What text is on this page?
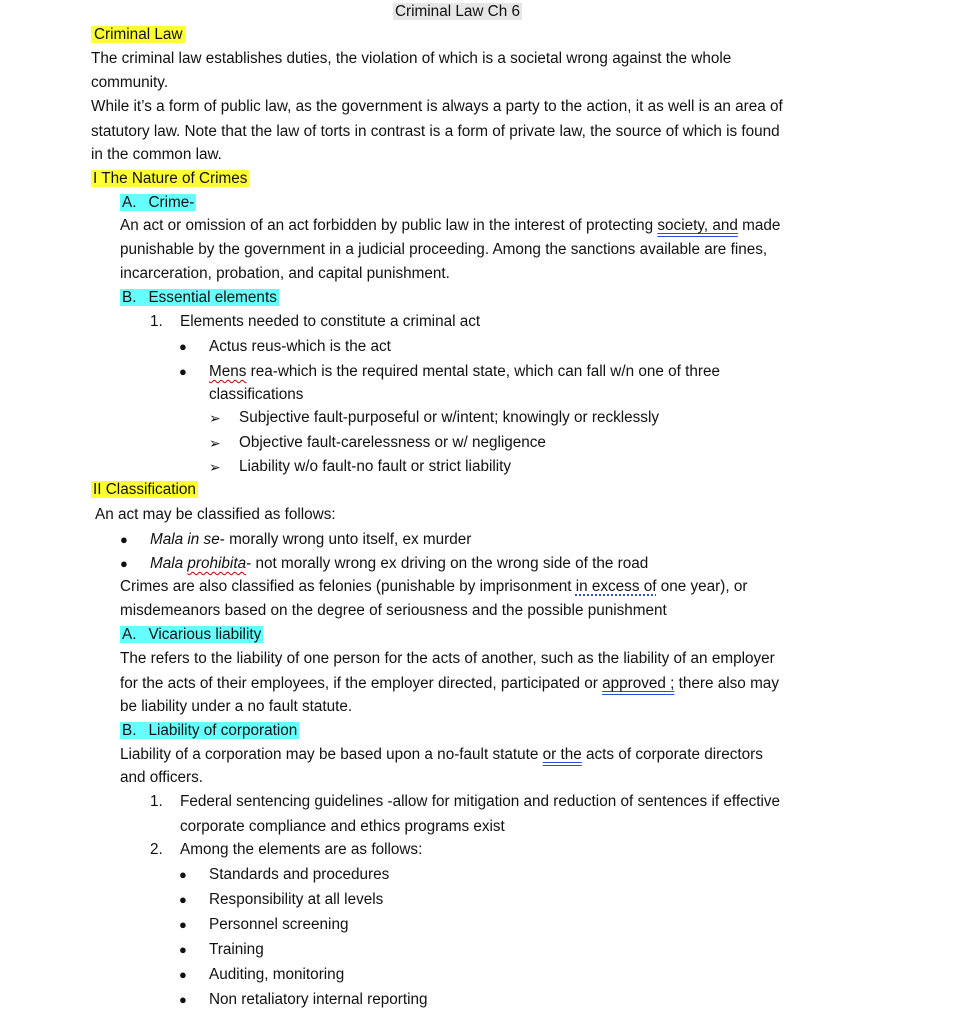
Criminal Law Ch 6
Criminal Law
The criminal law establishes duties, the violation of which is a societal wrong against the whole
community.
While it’s a form of public law, as the government is always a party to the action, it as well is an area of
statutory law. Note that the law of torts in contrast is a form of private law, the source of which is found
in the common law.
I The Nature of Crimes
A. Crime-
An act or omission of an act forbidden by public law in the interest of protecting society, and made
punishable by the government in a judicial proceeding. Among the sanctions available are fines,
incarceration, probation, and capital punishment.
B. Essential elements
1. Elements needed to constitute a criminal act
● Actus reus-which is the act
● Mens rea-which is the required mental state, which can fall w/n one of three
classifications
➢ Subjective fault-purposeful or w/intent; knowingly or recklessly
➢ Objective fault-carelessness or w/ negligence
➢ Liability w/o fault-no fault or strict liability
II Classification
An act may be classified as follows:
● Mala in se- morally wrong unto itself, ex murder
● Mala prohibita- not morally wrong ex driving on the wrong side of the road
Crimes are also classified as felonies (punishable by imprisonment in excess of one year), or
misdemeanors based on the degree of seriousness and the possible punishment
A. Vicarious liability
The refers to the liability of one person for the acts of another, such as the liability of an employer
for the acts of their employees, if the employer directed, participated or approved ; there also may
be liability under a no fault statute.
B. Liability of corporation
Liability of a corporation may be based upon a no-fault statute or the acts of corporate directors
and officers.
1. Federal sentencing guidelines -allow for mitigation and reduction of sentences if effective
corporate compliance and ethics programs exist
2. Among the elements are as follows:
● Standards and procedures
● Responsibility at all levels
● Personnel screening
● Training
● Auditing, monitoring
● Non retaliatory internal reporting
